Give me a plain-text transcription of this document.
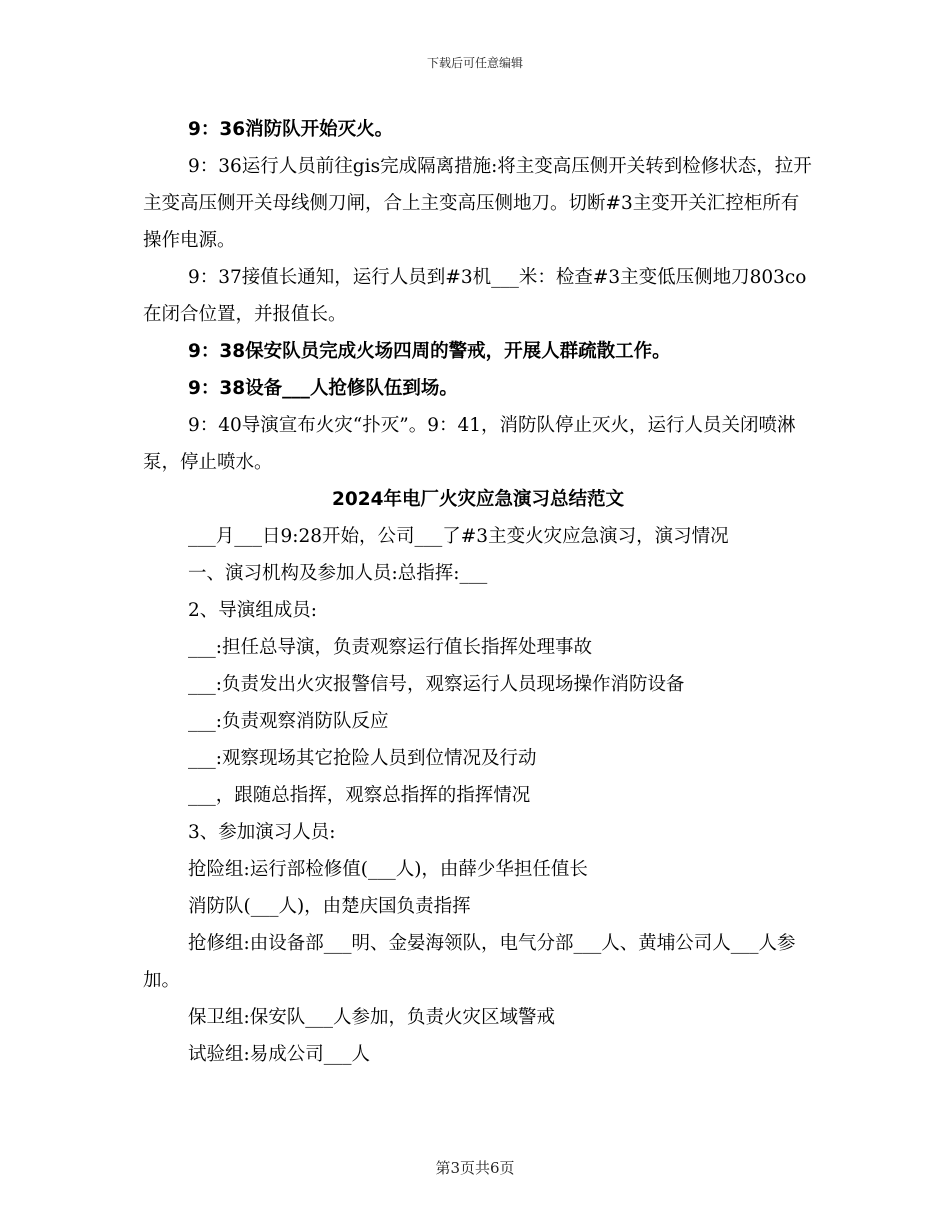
下载后可任意编辑

9：36消防队开始灭火。

9：36运行人员前往gis完成隔离措施:将主变高压侧开关转到检修状态，拉开主变高压侧开关母线侧刀闸，合上主变高压侧地刀。切断#3主变开关汇控柜所有操作电源。

9：37接值长通知，运行人员到#3机___米：检查#3主变低压侧地刀803co在闭合位置，并报值长。

9：38保安队员完成火场四周的警戒，开展人群疏散工作。

9：38设备___人抢修队伍到场。

9：40导演宣布火灾“扑灭”。9：41，消防队停止灭火，运行人员关闭喷淋泵，停止喷水。

2024年电厂火灾应急演习总结范文

___月___日9:28开始，公司___了#3主变火灾应急演习，演习情况

一、演习机构及参加人员:总指挥:___

2、导演组成员:

___:担任总导演，负责观察运行值长指挥处理事故

___:负责发出火灾报警信号，观察运行人员现场操作消防设备

___:负责观察消防队反应

___:观察现场其它抢险人员到位情况及行动

___，跟随总指挥，观察总指挥的指挥情况

3、参加演习人员:

抢险组:运行部检修值(___人)，由薛少华担任值长

消防队(___人)，由楚庆国负责指挥

抢修组:由设备部___明、金晏海领队，电气分部___人、黄埔公司人___人参加。

保卫组:保安队___人参加，负责火灾区域警戒

试验组:易成公司___人

第3页共6页
